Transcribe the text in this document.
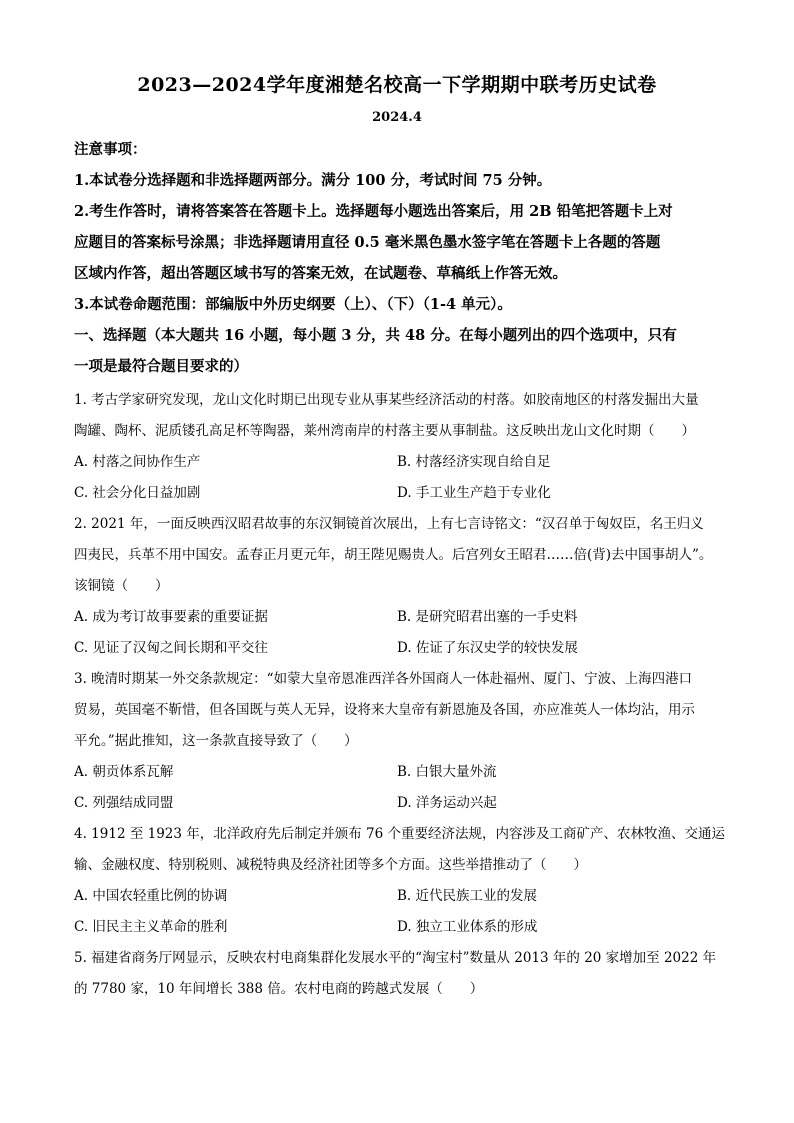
2023—2024学年度湘楚名校高一下学期期中联考历史试卷
2024.4
注意事项：
1.本试卷分选择题和非选择题两部分。满分 100 分，考试时间 75 分钟。
2.考生作答时，请将答案答在答题卡上。选择题每小题选出答案后，用 2B 铅笔把答题卡上对
应题目的答案标号涂黑；非选择题请用直径 0.5 毫米黑色墨水签字笔在答题卡上各题的答题
区域内作答，超出答题区域书写的答案无效，在试题卷、草稿纸上作答无效。
3.本试卷命题范围：部编版中外历史纲要（上）、（下）（1-4 单元）。
一、选择题（本大题共 16 小题，每小题 3 分，共 48 分。在每小题列出的四个选项中，只有
一项是最符合题目要求的）
1. 考古学家研究发现，龙山文化时期已出现专业从事某些经济活动的村落。如胶南地区的村落发掘出大量
陶罐、陶杯、泥质镂孔高足杯等陶器，莱州湾南岸的村落主要从事制盐。这反映出龙山文化时期（　　）
A. 村落之间协作生产	B. 村落经济实现自给自足
C. 社会分化日益加剧	D. 手工业生产趋于专业化
2. 2021 年，一面反映西汉昭君故事的东汉铜镜首次展出，上有七言诗铭文：“汉召单于匈奴臣，名王归义
四夷民，兵革不用中国安。孟春正月更元年，胡王陛见赐贵人。后宫列女王昭君……倍(背)去中国事胡人”。
该铜镜（　　）
A. 成为考订故事要素的重要证据	B. 是研究昭君出塞的一手史料
C. 见证了汉匈之间长期和平交往	D. 佐证了东汉史学的较快发展
3. 晚清时期某一外交条款规定：“如蒙大皇帝恩准西洋各外国商人一体赴福州、厦门、宁波、上海四港口
贸易，英国毫不靳惜，但各国既与英人无异，设将来大皇帝有新恩施及各国，亦应准英人一体均沾，用示
平允。”据此推知，这一条款直接导致了（　　）
A. 朝贡体系瓦解	B. 白银大量外流
C. 列强结成同盟	D. 洋务运动兴起
4. 1912 至 1923 年，北洋政府先后制定并颁布 76 个重要经济法规，内容涉及工商矿产、农林牧渔、交通运
输、金融权度、特别税则、减税特典及经济社团等多个方面。这些举措推动了（　　）
A. 中国农轻重比例的协调	B. 近代民族工业的发展
C. 旧民主主义革命的胜利	D. 独立工业体系的形成
5. 福建省商务厅网显示，反映农村电商集群化发展水平的“淘宝村”数量从 2013 年的 20 家增加至 2022 年
的 7780 家，10 年间增长 388 倍。农村电商的跨越式发展（　　）
